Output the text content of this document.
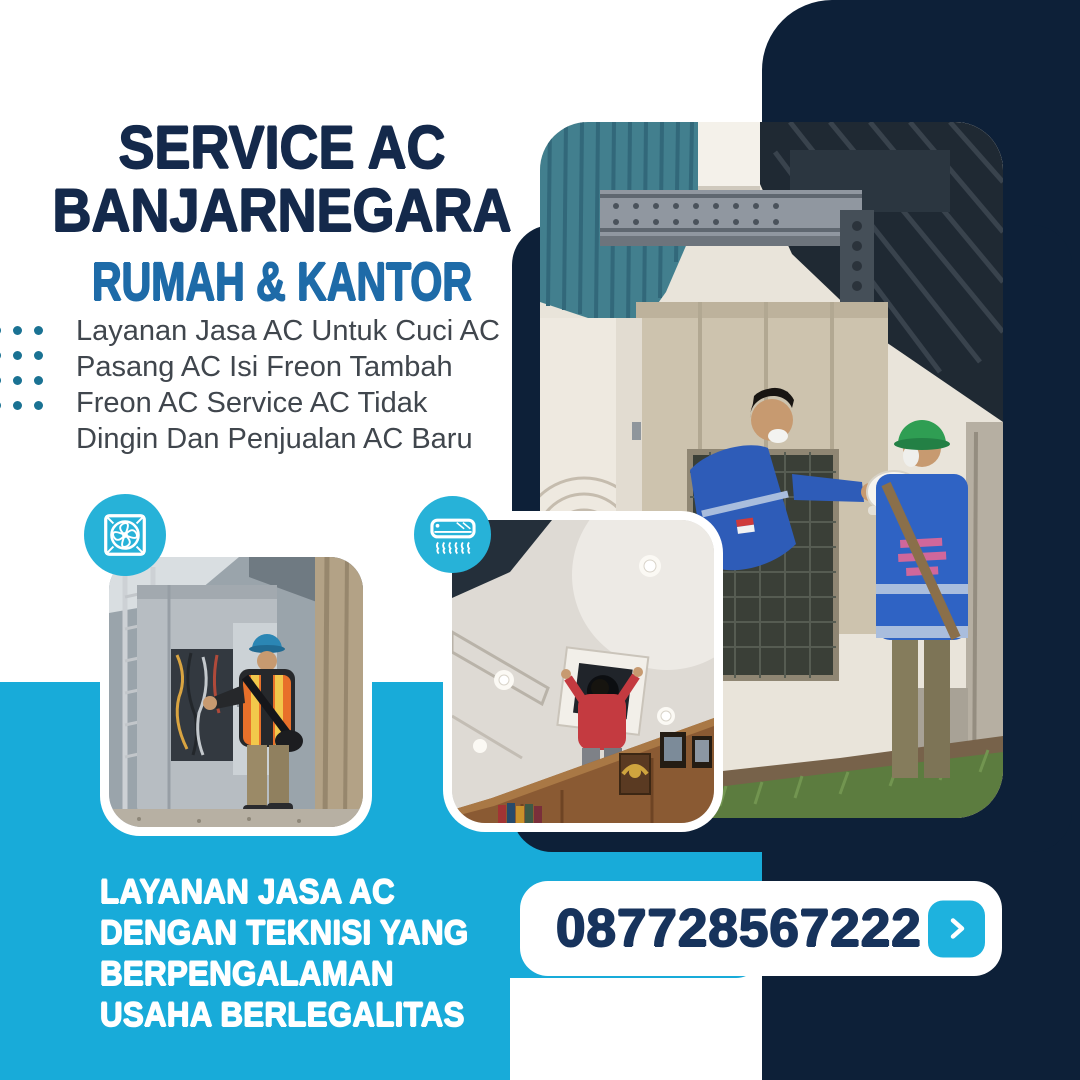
SERVICE AC
BANJARNEGARA
RUMAH & KANTOR
Layanan Jasa AC Untuk Cuci AC
Pasang AC Isi Freon Tambah
Freon AC Service AC Tidak
Dingin Dan Penjualan AC Baru
LAYANAN JASA AC
DENGAN TEKNISI YANG
BERPENGALAMAN
USAHA BERLEGALITAS
087728567222
